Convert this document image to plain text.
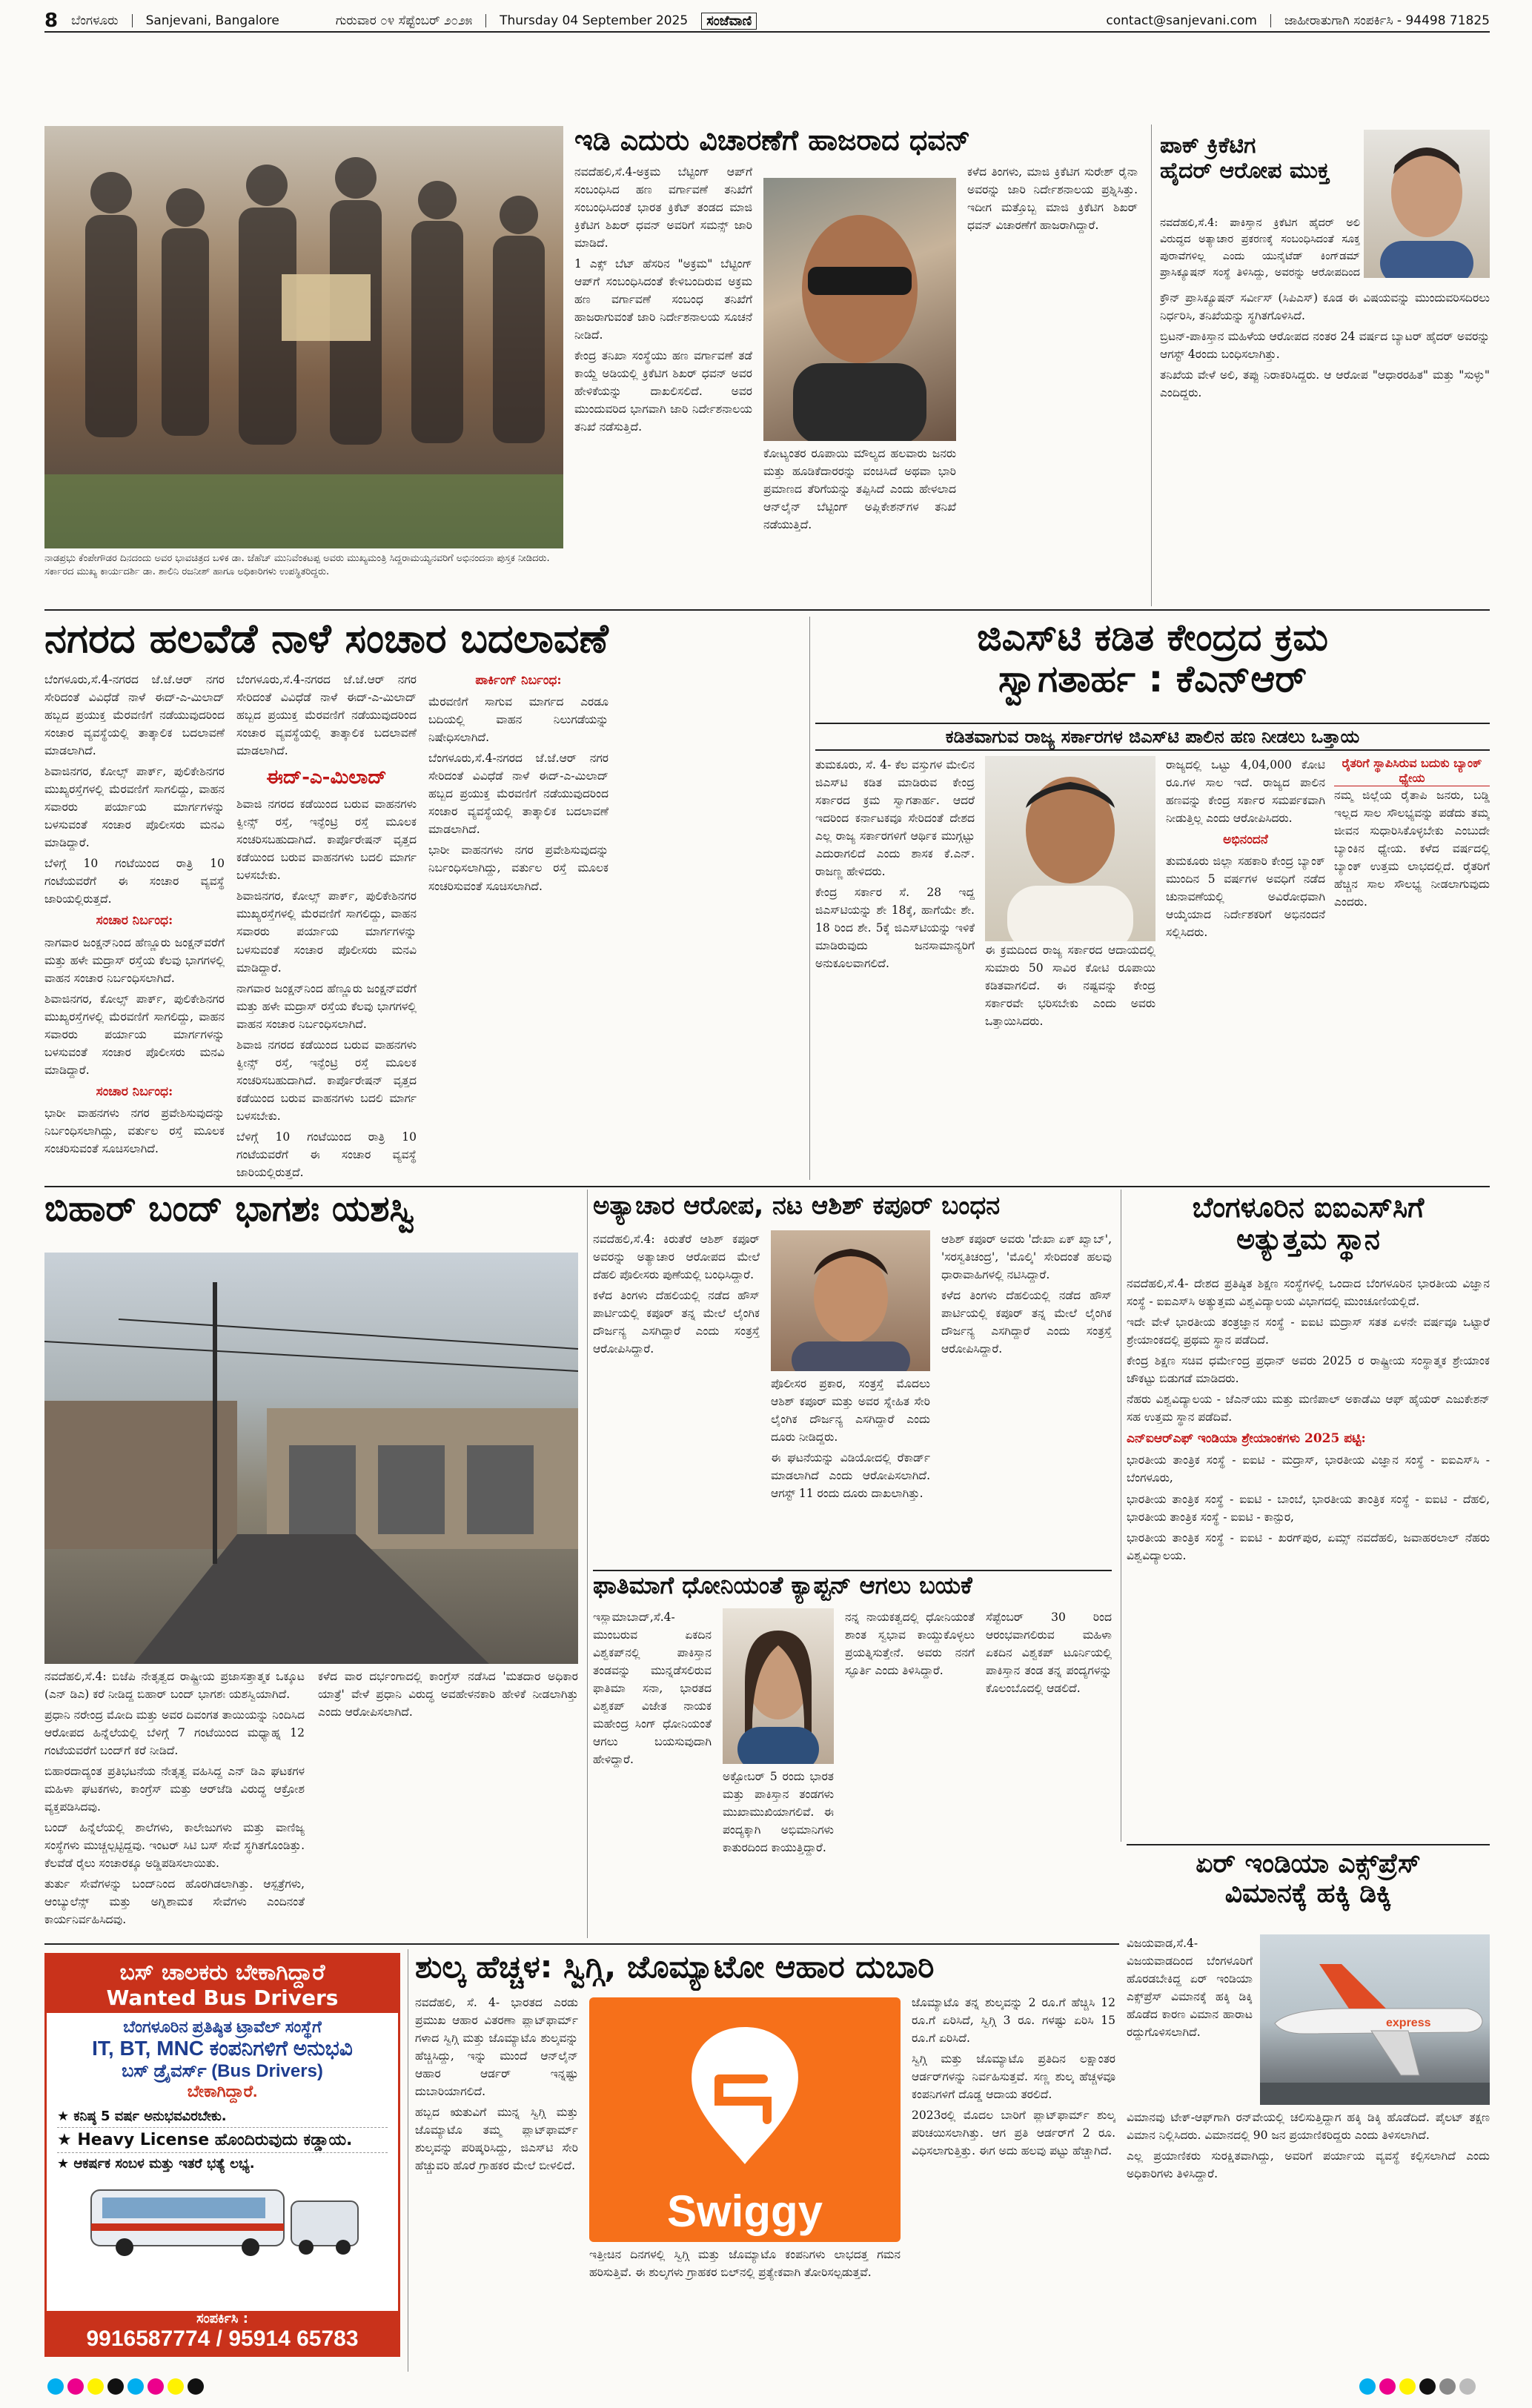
8 ಬೆಂಗಳೂರು Sanjevani, Bangalore	ಗುರುವಾರ ೦೪ ಸೆಪ್ಟೆಂಬರ್ ೨೦೨೫ Thursday 04 September 2025	ಸಂಜೆವಾಣಿ	contact@sanjevani.com ಜಾಹೀರಾತುಗಾಗಿ ಸಂಪರ್ಕಿಸಿ - 94498 71825
ನಾಡಪ್ರಭು ಕೆಂಪೇಗೌಡರ ದಿನದಂದು ಅವರ ಭಾವಚಿತ್ರದ ಬಳಿಕ ಡಾ. ಜೆಹೆಚ್ ಮುನಿವೆಂಕಟಪ್ಪ ಅವರು ಮುಖ್ಯಮಂತ್ರಿ ಸಿದ್ದರಾಮಯ್ಯನವರಿಗೆ ಅಭಿನಂದನಾ ಪುಸ್ತಕ ನೀಡಿದರು. ಸರ್ಕಾರದ ಮುಖ್ಯ ಕಾರ್ಯದರ್ಶಿ ಡಾ. ಶಾಲಿನಿ ರಜನೀಶ್ ಹಾಗೂ ಅಧಿಕಾರಿಗಳು ಉಪಸ್ಥಿತರಿದ್ದರು.
ಇಡಿ ಎದುರು ವಿಚಾರಣೆಗೆ ಹಾಜರಾದ ಧವನ್

ನವದೆಹಲಿ,ಸೆ.4-ಅಕ್ರಮ ಬೆಟ್ಟಿಂಗ್ ಆಪ್‌ಗೆ ಸಂಬಂಧಿಸಿದ ಹಣ ವರ್ಗಾವಣೆ ತನಿಖೆಗೆ ಸಂಬಂಧಿಸಿದಂತೆ ಭಾರತ ಕ್ರಿಕೆಟ್ ತಂಡದ ಮಾಜಿ ಕ್ರಿಕೆಟಿಗ ಶಿಖರ್ ಧವನ್ ಅವರಿಗೆ ಸಮನ್ಸ್ ಜಾರಿ ಮಾಡಿದೆ.

1 ಎಕ್ಸ್ ಬೆಟ್ ಹೆಸರಿನ "ಅಕ್ರಮ" ಬೆಟ್ಟಿಂಗ್ ಆಪ್‌ಗೆ ಸಂಬಂಧಿಸಿದಂತೆ ಕೇಳಿಬಂದಿರುವ ಅಕ್ರಮ ಹಣ ವರ್ಗಾವಣೆ ಸಂಬಂಧ ತನಿಖೆಗೆ ಹಾಜರಾಗುವಂತೆ ಜಾರಿ ನಿರ್ದೇಶನಾಲಯ ಸೂಚನೆ ನೀಡಿದೆ.

ಕೇಂದ್ರ ತನಿಖಾ ಸಂಸ್ಥೆಯು ಹಣ ವರ್ಗಾವಣೆ ತಡೆ ಕಾಯ್ದೆ ಅಡಿಯಲ್ಲಿ ಕ್ರಿಕೆಟಿಗ ಶಿಖರ್ ಧವನ್ ಅವರ ಹೇಳಿಕೆಯನ್ನು ದಾಖಲಿಸಲಿದೆ. ಅವರ ಮುಂದುವರಿದ ಭಾಗವಾಗಿ ಜಾರಿ ನಿರ್ದೇಶನಾಲಯ ತನಿಖೆ ನಡೆಸುತ್ತಿದೆ.

ಕೋಟ್ಯಂತರ ರೂಪಾಯಿ ಮೌಲ್ಯದ ಹಲವಾರು ಜನರು ಮತ್ತು ಹೂಡಿಕೆದಾರರನ್ನು ವಂಚಿಸಿದೆ ಅಥವಾ ಭಾರಿ ಪ್ರಮಾಣದ ತೆರಿಗೆಯನ್ನು ತಪ್ಪಿಸಿದೆ ಎಂದು ಹೇಳಲಾದ ಆನ್‌ಲೈನ್ ಬೆಟ್ಟಿಂಗ್ ಅಪ್ಲಿಕೇಶನ್‌ಗಳ ತನಿಖೆ ನಡೆಯುತ್ತಿದೆ.

ಕಳೆದ ತಿಂಗಳು, ಮಾಜಿ ಕ್ರಿಕೆಟಿಗ ಸುರೇಶ್ ರೈನಾ ಅವರನ್ನು ಜಾರಿ ನಿರ್ದೇಶನಾಲಯ ಪ್ರಶ್ನಿಸಿತ್ತು. ಇದೀಗ ಮತ್ತೊಬ್ಬ ಮಾಜಿ ಕ್ರಿಕೆಟಿಗ ಶಿಖರ್ ಧವನ್ ವಿಚಾರಣೆಗೆ ಹಾಜರಾಗಿದ್ದಾರೆ.

ಪಾಕ್ ಕ್ರಿಕೆಟಿಗ
ಹೈದರ್ ಆರೋಪ ಮುಕ್ತ
ನವದೆಹಲಿ,ಸೆ.4: ಪಾಕಿಸ್ತಾನ ಕ್ರಿಕೆಟಿಗ ಹೈದರ್ ಅಲಿ ವಿರುದ್ಧದ ಅತ್ಯಾಚಾರ ಪ್ರಕರಣಕ್ಕೆ ಸಂಬಂಧಿಸಿದಂತೆ ಸೂಕ್ತ ಪುರಾವೆಗಳಿಲ್ಲ ಎಂದು ಯುನೈಟೆಡ್ ಕಿಂಗ್‌ಡಮ್ ಪ್ರಾಸಿಕ್ಯೂಷನ್ ಸಂಸ್ಥೆ ತಿಳಿಸಿದ್ದು, ಅವರನ್ನು ಆರೋಪದಿಂದ

ಕ್ರೌನ್ ಪ್ರಾಸಿಕ್ಯೂಷನ್ ಸರ್ವೀಸ್ (ಸಿಪಿಎಸ್) ಕೂಡ ಈ ವಿಷಯವನ್ನು ಮುಂದುವರಿಸದಿರಲು ನಿರ್ಧರಿಸಿ, ತನಿಖೆಯನ್ನು ಸ್ಥಗಿತಗೊಳಿಸಿದೆ.

ಬ್ರಿಟನ್-ಪಾಕಿಸ್ತಾನ ಮಹಿಳೆಯ ಆರೋಪದ ನಂತರ 24 ವರ್ಷದ ಬ್ಯಾಟರ್ ಹೈದರ್ ಅವರನ್ನು ಆಗಸ್ಟ್ 4ರಂದು ಬಂಧಿಸಲಾಗಿತ್ತು.

ತನಿಖೆಯ ವೇಳೆ ಅಲಿ, ತಪ್ಪು ನಿರಾಕರಿಸಿದ್ದರು. ಆ ಆರೋಪ "ಆಧಾರರಹಿತ" ಮತ್ತು "ಸುಳ್ಳು" ಎಂದಿದ್ದರು.

ನಗರದ ಹಲವೆಡೆ ನಾಳೆ ಸಂಚಾರ ಬದಲಾವಣೆ

ಬೆಂಗಳೂರು,ಸೆ.4-ನಗರದ ಜೆ.ಜೆ.ಆರ್ ನಗರ ಸೇರಿದಂತೆ ವಿವಿಧೆಡೆ ನಾಳೆ ಈದ್-ಎ-ಮಿಲಾದ್ ಹಬ್ಬದ ಪ್ರಯುಕ್ತ ಮೆರವಣಿಗೆ ನಡೆಯುವುದರಿಂದ ಸಂಚಾರ ವ್ಯವಸ್ಥೆಯಲ್ಲಿ ತಾತ್ಕಾಲಿಕ ಬದಲಾವಣೆ ಮಾಡಲಾಗಿದೆ.

ಶಿವಾಜಿನಗರ, ಕೋಲ್ಸ್ ಪಾರ್ಕ್, ಪುಲಿಕೇಶಿನಗರ ಮುಖ್ಯರಸ್ತೆಗಳಲ್ಲಿ ಮೆರವಣಿಗೆ ಸಾಗಲಿದ್ದು, ವಾಹನ ಸವಾರರು ಪರ್ಯಾಯ ಮಾರ್ಗಗಳನ್ನು ಬಳಸುವಂತೆ ಸಂಚಾರ ಪೊಲೀಸರು ಮನವಿ ಮಾಡಿದ್ದಾರೆ.

ಬೆಳಿಗ್ಗೆ 10 ಗಂಟೆಯಿಂದ ರಾತ್ರಿ 10 ಗಂಟೆಯವರೆಗೆ ಈ ಸಂಚಾರ ವ್ಯವಸ್ಥೆ ಜಾರಿಯಲ್ಲಿರುತ್ತದೆ.

ಸಂಚಾರ ನಿರ್ಬಂಧ:

ನಾಗವಾರ ಜಂಕ್ಷನ್‌ನಿಂದ ಹೆಣ್ಣೂರು ಜಂಕ್ಷನ್‌ವರೆಗೆ ಮತ್ತು ಹಳೇ ಮದ್ರಾಸ್ ರಸ್ತೆಯ ಕೆಲವು ಭಾಗಗಳಲ್ಲಿ ವಾಹನ ಸಂಚಾರ ನಿರ್ಬಂಧಿಸಲಾಗಿದೆ.

ಶಿವಾಜಿನಗರ, ಕೋಲ್ಸ್ ಪಾರ್ಕ್, ಪುಲಿಕೇಶಿನಗರ ಮುಖ್ಯರಸ್ತೆಗಳಲ್ಲಿ ಮೆರವಣಿಗೆ ಸಾಗಲಿದ್ದು, ವಾಹನ ಸವಾರರು ಪರ್ಯಾಯ ಮಾರ್ಗಗಳನ್ನು ಬಳಸುವಂತೆ ಸಂಚಾರ ಪೊಲೀಸರು ಮನವಿ ಮಾಡಿದ್ದಾರೆ.

ಸಂಚಾರ ನಿರ್ಬಂಧ:

ಭಾರೀ ವಾಹನಗಳು ನಗರ ಪ್ರವೇಶಿಸುವುದನ್ನು ನಿರ್ಬಂಧಿಸಲಾಗಿದ್ದು, ವರ್ತುಲ ರಸ್ತೆ ಮೂಲಕ ಸಂಚರಿಸುವಂತೆ ಸೂಚಿಸಲಾಗಿದೆ.

ಬೆಂಗಳೂರು,ಸೆ.4-ನಗರದ ಜೆ.ಜೆ.ಆರ್ ನಗರ ಸೇರಿದಂತೆ ವಿವಿಧೆಡೆ ನಾಳೆ ಈದ್-ಎ-ಮಿಲಾದ್ ಹಬ್ಬದ ಪ್ರಯುಕ್ತ ಮೆರವಣಿಗೆ ನಡೆಯುವುದರಿಂದ ಸಂಚಾರ ವ್ಯವಸ್ಥೆಯಲ್ಲಿ ತಾತ್ಕಾಲಿಕ ಬದಲಾವಣೆ ಮಾಡಲಾಗಿದೆ.

ಈದ್-ಎ-ಮಿಲಾದ್

ಶಿವಾಜಿ ನಗರದ ಕಡೆಯಿಂದ ಬರುವ ವಾಹನಗಳು ಕ್ವೀನ್ಸ್ ರಸ್ತೆ, ಇನ್ಫೆಂಟ್ರಿ ರಸ್ತೆ ಮೂಲಕ ಸಂಚರಿಸಬಹುದಾಗಿದೆ. ಕಾರ್ಪೊರೇಷನ್ ವೃತ್ತದ ಕಡೆಯಿಂದ ಬರುವ ವಾಹನಗಳು ಬದಲಿ ಮಾರ್ಗ ಬಳಸಬೇಕು.

ಶಿವಾಜಿನಗರ, ಕೋಲ್ಸ್ ಪಾರ್ಕ್, ಪುಲಿಕೇಶಿನಗರ ಮುಖ್ಯರಸ್ತೆಗಳಲ್ಲಿ ಮೆರವಣಿಗೆ ಸಾಗಲಿದ್ದು, ವಾಹನ ಸವಾರರು ಪರ್ಯಾಯ ಮಾರ್ಗಗಳನ್ನು ಬಳಸುವಂತೆ ಸಂಚಾರ ಪೊಲೀಸರು ಮನವಿ ಮಾಡಿದ್ದಾರೆ.

ನಾಗವಾರ ಜಂಕ್ಷನ್‌ನಿಂದ ಹೆಣ್ಣೂರು ಜಂಕ್ಷನ್‌ವರೆಗೆ ಮತ್ತು ಹಳೇ ಮದ್ರಾಸ್ ರಸ್ತೆಯ ಕೆಲವು ಭಾಗಗಳಲ್ಲಿ ವಾಹನ ಸಂಚಾರ ನಿರ್ಬಂಧಿಸಲಾಗಿದೆ.

ಶಿವಾಜಿ ನಗರದ ಕಡೆಯಿಂದ ಬರುವ ವಾಹನಗಳು ಕ್ವೀನ್ಸ್ ರಸ್ತೆ, ಇನ್ಫೆಂಟ್ರಿ ರಸ್ತೆ ಮೂಲಕ ಸಂಚರಿಸಬಹುದಾಗಿದೆ. ಕಾರ್ಪೊರೇಷನ್ ವೃತ್ತದ ಕಡೆಯಿಂದ ಬರುವ ವಾಹನಗಳು ಬದಲಿ ಮಾರ್ಗ ಬಳಸಬೇಕು.

ಬೆಳಿಗ್ಗೆ 10 ಗಂಟೆಯಿಂದ ರಾತ್ರಿ 10 ಗಂಟೆಯವರೆಗೆ ಈ ಸಂಚಾರ ವ್ಯವಸ್ಥೆ ಜಾರಿಯಲ್ಲಿರುತ್ತದೆ.

ಪಾರ್ಕಿಂಗ್ ನಿರ್ಬಂಧ:

ಮೆರವಣಿಗೆ ಸಾಗುವ ಮಾರ್ಗದ ಎರಡೂ ಬದಿಯಲ್ಲಿ ವಾಹನ ನಿಲುಗಡೆಯನ್ನು ನಿಷೇಧಿಸಲಾಗಿದೆ.

ಬೆಂಗಳೂರು,ಸೆ.4-ನಗರದ ಜೆ.ಜೆ.ಆರ್ ನಗರ ಸೇರಿದಂತೆ ವಿವಿಧೆಡೆ ನಾಳೆ ಈದ್-ಎ-ಮಿಲಾದ್ ಹಬ್ಬದ ಪ್ರಯುಕ್ತ ಮೆರವಣಿಗೆ ನಡೆಯುವುದರಿಂದ ಸಂಚಾರ ವ್ಯವಸ್ಥೆಯಲ್ಲಿ ತಾತ್ಕಾಲಿಕ ಬದಲಾವಣೆ ಮಾಡಲಾಗಿದೆ.

ಭಾರೀ ವಾಹನಗಳು ನಗರ ಪ್ರವೇಶಿಸುವುದನ್ನು ನಿರ್ಬಂಧಿಸಲಾಗಿದ್ದು, ವರ್ತುಲ ರಸ್ತೆ ಮೂಲಕ ಸಂಚರಿಸುವಂತೆ ಸೂಚಿಸಲಾಗಿದೆ.

ಜಿಎಸ್‌ಟಿ ಕಡಿತ ಕೇಂದ್ರದ ಕ್ರಮ
ಸ್ವಾಗತಾರ್ಹ : ಕೆಎನ್‌ಆರ್
ಕಡಿತವಾಗುವ ರಾಜ್ಯ ಸರ್ಕಾರಗಳ ಜಿಎಸ್‌ಟಿ ಪಾಲಿನ ಹಣ ನೀಡಲು ಒತ್ತಾಯ

ತುಮಕೂರು, ಸೆ. 4- ಕೆಲ ವಸ್ತುಗಳ ಮೇಲಿನ ಜಿಎಸ್‌ಟಿ ಕಡಿತ ಮಾಡಿರುವ ಕೇಂದ್ರ ಸರ್ಕಾರದ ಕ್ರಮ ಸ್ವಾಗತಾರ್ಹ. ಆದರೆ ಇದರಿಂದ ಕರ್ನಾಟಕವೂ ಸೇರಿದಂತೆ ದೇಶದ ಎಲ್ಲ ರಾಜ್ಯ ಸರ್ಕಾರಗಳಿಗೆ ಆರ್ಥಿಕ ಮುಗ್ಗಟ್ಟು ಎದುರಾಗಲಿದೆ ಎಂದು ಶಾಸಕ ಕೆ.ಎನ್. ರಾಜಣ್ಣ ಹೇಳಿದರು.

ಕೇಂದ್ರ ಸರ್ಕಾರ ಸೆ. 28 ಇದ್ದ ಜಿಎಸ್‌ಟಿಯನ್ನು ಶೇ 18ಕ್ಕೆ, ಹಾಗೆಯೇ ಶೇ. 18 ರಿಂದ ಶೇ. 5ಕ್ಕೆ ಜಿಎಸ್‌ಟಿಯನ್ನು ಇಳಿಕೆ ಮಾಡಿರುವುದು ಜನಸಾಮಾನ್ಯರಿಗೆ ಅನುಕೂಲವಾಗಲಿದೆ.

ಈ ಕ್ರಮದಿಂದ ರಾಜ್ಯ ಸರ್ಕಾರದ ಆದಾಯದಲ್ಲಿ ಸುಮಾರು 50 ಸಾವಿರ ಕೋಟಿ ರೂಪಾಯಿ ಕಡಿತವಾಗಲಿದೆ. ಈ ನಷ್ಟವನ್ನು ಕೇಂದ್ರ ಸರ್ಕಾರವೇ ಭರಿಸಬೇಕು ಎಂದು ಅವರು ಒತ್ತಾಯಿಸಿದರು.

ರಾಜ್ಯದಲ್ಲಿ ಒಟ್ಟು 4,04,000 ಕೋಟಿ ರೂ.ಗಳ ಸಾಲ ಇದೆ. ರಾಜ್ಯದ ಪಾಲಿನ ಹಣವನ್ನು ಕೇಂದ್ರ ಸರ್ಕಾರ ಸಮರ್ಪಕವಾಗಿ ನೀಡುತ್ತಿಲ್ಲ ಎಂದು ಆರೋಪಿಸಿದರು.

ಅಭಿನಂದನೆ

ತುಮಕೂರು ಜಿಲ್ಲಾ ಸಹಕಾರಿ ಕೇಂದ್ರ ಬ್ಯಾಂಕ್ ಮುಂದಿನ 5 ವರ್ಷಗಳ ಅವಧಿಗೆ ನಡೆದ ಚುನಾವಣೆಯಲ್ಲಿ ಅವಿರೋಧವಾಗಿ ಆಯ್ಕೆಯಾದ ನಿರ್ದೇಶಕರಿಗೆ ಅಭಿನಂದನೆ ಸಲ್ಲಿಸಿದರು.

ರೈತರಿಗೆ ಸ್ಥಾಪಿಸಿರುವ ಬದುಕು ಬ್ಯಾಂಕ್ ಧ್ಯೇಯ
ನಮ್ಮ ಜಿಲ್ಲೆಯ ರೈತಾಪಿ ಜನರು, ಬಡ್ಡಿ ಇಲ್ಲದ ಸಾಲ ಸೌಲಭ್ಯವನ್ನು ಪಡೆದು ತಮ್ಮ ಜೀವನ ಸುಧಾರಿಸಿಕೊಳ್ಳಬೇಕು ಎಂಬುದೇ ಬ್ಯಾಂಕಿನ ಧ್ಯೇಯ. ಕಳೆದ ವರ್ಷದಲ್ಲಿ ಬ್ಯಾಂಕ್ ಉತ್ತಮ ಲಾಭದಲ್ಲಿದೆ. ರೈತರಿಗೆ ಹೆಚ್ಚಿನ ಸಾಲ ಸೌಲಭ್ಯ ನೀಡಲಾಗುವುದು ಎಂದರು.
ಬಿಹಾರ್ ಬಂದ್ ಭಾಗಶಃ ಯಶಸ್ವಿ

ನವದೆಹಲಿ,ಸೆ.4: ಬಿಜೆಪಿ ನೇತೃತ್ವದ ರಾಷ್ಟ್ರೀಯ ಪ್ರಜಾಸತ್ತಾತ್ಮಕ ಒಕ್ಕೂಟ (ಎನ್ ಡಿಎ) ಕರೆ ನೀಡಿದ್ದ ಬಿಹಾರ್ ಬಂದ್ ಭಾಗಶಃ ಯಶಸ್ವಿಯಾಗಿದೆ.

ಪ್ರಧಾನಿ ನರೇಂದ್ರ ಮೋದಿ ಮತ್ತು ಅವರ ದಿವಂಗತ ತಾಯಿಯನ್ನು ನಿಂದಿಸಿದ ಆರೋಪದ ಹಿನ್ನೆಲೆಯಲ್ಲಿ ಬೆಳಿಗ್ಗೆ 7 ಗಂಟೆಯಿಂದ ಮಧ್ಯಾಹ್ನ 12 ಗಂಟೆಯವರೆಗೆ ಬಂದ್‌ಗೆ ಕರೆ ನೀಡಿದೆ.

ಬಿಹಾರದಾದ್ಯಂತ ಪ್ರತಿಭಟನೆಯ ನೇತೃತ್ವ ವಹಿಸಿದ್ದ ಎನ್ ಡಿಎ ಘಟಕಗಳ ಮಹಿಳಾ ಘಟಕಗಳು, ಕಾಂಗ್ರೆಸ್ ಮತ್ತು ಆರ್‌ಜೆಡಿ ವಿರುದ್ಧ ಆಕ್ರೋಶ ವ್ಯಕ್ತಪಡಿಸಿದವು.

ಬಂದ್ ಹಿನ್ನೆಲೆಯಲ್ಲಿ ಶಾಲೆಗಳು, ಕಾಲೇಜುಗಳು ಮತ್ತು ವಾಣಿಜ್ಯ ಸಂಸ್ಥೆಗಳು ಮುಚ್ಚಲ್ಪಟ್ಟಿದ್ದವು. ಇಂಟರ್ ಸಿಟಿ ಬಸ್ ಸೇವೆ ಸ್ಥಗಿತಗೊಂಡಿತ್ತು. ಕೆಲವೆಡೆ ರೈಲು ಸಂಚಾರಕ್ಕೂ ಅಡ್ಡಿಪಡಿಸಲಾಯಿತು.

ತುರ್ತು ಸೇವೆಗಳನ್ನು ಬಂದ್‌ನಿಂದ ಹೊರಗಿಡಲಾಗಿತ್ತು. ಆಸ್ಪತ್ರೆಗಳು, ಆಂಬ್ಯುಲೆನ್ಸ್ ಮತ್ತು ಅಗ್ನಿಶಾಮಕ ಸೇವೆಗಳು ಎಂದಿನಂತೆ ಕಾರ್ಯನಿರ್ವಹಿಸಿದವು.

ಕಳೆದ ವಾರ ದರ್ಭಂಗಾದಲ್ಲಿ ಕಾಂಗ್ರೆಸ್ ನಡೆಸಿದ 'ಮತದಾರ ಅಧಿಕಾರ ಯಾತ್ರೆ' ವೇಳೆ ಪ್ರಧಾನಿ ವಿರುದ್ಧ ಅವಹೇಳನಕಾರಿ ಹೇಳಿಕೆ ನೀಡಲಾಗಿತ್ತು ಎಂದು ಆರೋಪಿಸಲಾಗಿದೆ.

ಅತ್ಯಾಚಾರ ಆರೋಪ, ನಟ ಆಶಿಶ್ ಕಪೂರ್ ಬಂಧನ

ನವದೆಹಲಿ,ಸೆ.4: ಕಿರುತೆರೆ ಆಶಿಶ್ ಕಪೂರ್ ಅವರನ್ನು ಅತ್ಯಾಚಾರ ಆರೋಪದ ಮೇಲೆ ದೆಹಲಿ ಪೊಲೀಸರು ಪುಣೆಯಲ್ಲಿ ಬಂಧಿಸಿದ್ದಾರೆ.

ಕಳೆದ ತಿಂಗಳು ದೆಹಲಿಯಲ್ಲಿ ನಡೆದ ಹೌಸ್ ಪಾರ್ಟಿಯಲ್ಲಿ ಕಪೂರ್ ತನ್ನ ಮೇಲೆ ಲೈಂಗಿಕ ದೌರ್ಜನ್ಯ ಎಸಗಿದ್ದಾರೆ ಎಂದು ಸಂತ್ರಸ್ತೆ ಆರೋಪಿಸಿದ್ದಾರೆ.

ಪೊಲೀಸರ ಪ್ರಕಾರ, ಸಂತ್ರಸ್ತೆ ಮೊದಲು ಆಶಿಶ್ ಕಪೂರ್ ಮತ್ತು ಅವರ ಸ್ನೇಹಿತ ಸೇರಿ ಲೈಂಗಿಕ ದೌರ್ಜನ್ಯ ಎಸಗಿದ್ದಾರೆ ಎಂದು ದೂರು ನೀಡಿದ್ದರು.

ಈ ಘಟನೆಯನ್ನು ವಿಡಿಯೋದಲ್ಲಿ ರೆಕಾರ್ಡ್ ಮಾಡಲಾಗಿದೆ ಎಂದು ಆರೋಪಿಸಲಾಗಿದೆ. ಆಗಸ್ಟ್ 11 ರಂದು ದೂರು ದಾಖಲಾಗಿತ್ತು.

ಆಶಿಶ್ ಕಪೂರ್ ಅವರು 'ದೇಖಾ ಏಕ್ ಖ್ವಾಬ್', 'ಸರಸ್ವತಿಚಂದ್ರ', 'ಮೊಲ್ಕಿ' ಸೇರಿದಂತೆ ಹಲವು ಧಾರಾವಾಹಿಗಳಲ್ಲಿ ನಟಿಸಿದ್ದಾರೆ.

ಕಳೆದ ತಿಂಗಳು ದೆಹಲಿಯಲ್ಲಿ ನಡೆದ ಹೌಸ್ ಪಾರ್ಟಿಯಲ್ಲಿ ಕಪೂರ್ ತನ್ನ ಮೇಲೆ ಲೈಂಗಿಕ ದೌರ್ಜನ್ಯ ಎಸಗಿದ್ದಾರೆ ಎಂದು ಸಂತ್ರಸ್ತೆ ಆರೋಪಿಸಿದ್ದಾರೆ.

ಫಾತಿಮಾಗೆ ಧೋನಿಯಂತೆ ಕ್ಯಾಪ್ಟನ್ ಆಗಲು ಬಯಕೆ

ಇಸ್ಲಾಮಾಬಾದ್,ಸೆ.4- ಮುಂಬರುವ ಏಕದಿನ ವಿಶ್ವಕಪ್‌ನಲ್ಲಿ ಪಾಕಿಸ್ತಾನ ತಂಡವನ್ನು ಮುನ್ನಡೆಸಲಿರುವ ಫಾತಿಮಾ ಸನಾ, ಭಾರತದ ವಿಶ್ವಕಪ್ ವಿಜೇತ ನಾಯಕ ಮಹೇಂದ್ರ ಸಿಂಗ್ ಧೋನಿಯಂತೆ ಆಗಲು ಬಯಸುವುದಾಗಿ ಹೇಳಿದ್ದಾರೆ.

ಅಕ್ಟೋಬರ್ 5 ರಂದು ಭಾರತ ಮತ್ತು ಪಾಕಿಸ್ತಾನ ತಂಡಗಳು ಮುಖಾಮುಖಿಯಾಗಲಿವೆ. ಈ ಪಂದ್ಯಕ್ಕಾಗಿ ಅಭಿಮಾನಿಗಳು ಕಾತುರದಿಂದ ಕಾಯುತ್ತಿದ್ದಾರೆ.

ನನ್ನ ನಾಯಕತ್ವದಲ್ಲಿ ಧೋನಿಯಂತೆ ಶಾಂತ ಸ್ವಭಾವ ಕಾಯ್ದುಕೊಳ್ಳಲು ಪ್ರಯತ್ನಿಸುತ್ತೇನೆ. ಅವರು ನನಗೆ ಸ್ಫೂರ್ತಿ ಎಂದು ತಿಳಿಸಿದ್ದಾರೆ.

ಸೆಪ್ಟೆಂಬರ್ 30 ರಿಂದ ಆರಂಭವಾಗಲಿರುವ ಮಹಿಳಾ ಏಕದಿನ ವಿಶ್ವಕಪ್ ಟೂರ್ನಿಯಲ್ಲಿ ಪಾಕಿಸ್ತಾನ ತಂಡ ತನ್ನ ಪಂದ್ಯಗಳನ್ನು ಕೊಲಂಬೊದಲ್ಲಿ ಆಡಲಿದೆ.

ಬೆಂಗಳೂರಿನ ಐಐಎಸ್‌ಸಿಗೆ
ಅತ್ಯುತ್ತಮ ಸ್ಥಾನ

ನವದೆಹಲಿ,ಸೆ.4- ದೇಶದ ಪ್ರತಿಷ್ಠಿತ ಶಿಕ್ಷಣ ಸಂಸ್ಥೆಗಳಲ್ಲಿ ಒಂದಾದ ಬೆಂಗಳೂರಿನ ಭಾರತೀಯ ವಿಜ್ಞಾನ ಸಂಸ್ಥೆ - ಐಐಎಸ್‌ಸಿ ಅತ್ಯುತ್ತಮ ವಿಶ್ವವಿದ್ಯಾಲಯ ವಿಭಾಗದಲ್ಲಿ ಮುಂಚೂಣಿಯಲ್ಲಿದೆ.

ಇದೇ ವೇಳೆ ಭಾರತೀಯ ತಂತ್ರಜ್ಞಾನ ಸಂಸ್ಥೆ - ಐಐಟಿ ಮದ್ರಾಸ್ ಸತತ ಏಳನೇ ವರ್ಷವೂ ಒಟ್ಟಾರೆ ಶ್ರೇಯಾಂಕದಲ್ಲಿ ಪ್ರಥಮ ಸ್ಥಾನ ಪಡೆದಿದೆ.

ಕೇಂದ್ರ ಶಿಕ್ಷಣ ಸಚಿವ ಧರ್ಮೇಂದ್ರ ಪ್ರಧಾನ್ ಅವರು 2025 ರ ರಾಷ್ಟ್ರೀಯ ಸಂಸ್ಥಾತ್ಮಕ ಶ್ರೇಯಾಂಕ ಚೌಕಟ್ಟು ಬಿಡುಗಡೆ ಮಾಡಿದರು.

ನೆಹರು ವಿಶ್ವವಿದ್ಯಾಲಯ - ಜೆಎನ್‌ಯು ಮತ್ತು ಮಣಿಪಾಲ್ ಅಕಾಡೆಮಿ ಆಫ್ ಹೈಯರ್ ಎಜುಕೇಶನ್ ಸಹ ಉತ್ತಮ ಸ್ಥಾನ ಪಡೆದಿವೆ.

ಎನ್‌ಐಆರ್‌ಎಫ್ ಇಂಡಿಯಾ ಶ್ರೇಯಾಂಕಗಳು 2025 ಪಟ್ಟಿ:

ಭಾರತೀಯ ತಾಂತ್ರಿಕ ಸಂಸ್ಥೆ - ಐಐಟಿ - ಮದ್ರಾಸ್, ಭಾರತೀಯ ವಿಜ್ಞಾನ ಸಂಸ್ಥೆ - ಐಐಎಸ್‌ಸಿ - ಬೆಂಗಳೂರು,

ಭಾರತೀಯ ತಾಂತ್ರಿಕ ಸಂಸ್ಥೆ - ಐಐಟಿ - ಬಾಂಬೆ, ಭಾರತೀಯ ತಾಂತ್ರಿಕ ಸಂಸ್ಥೆ - ಐಐಟಿ - ದೆಹಲಿ, ಭಾರತೀಯ ತಾಂತ್ರಿಕ ಸಂಸ್ಥೆ - ಐಐಟಿ - ಕಾನ್ಪುರ,

ಭಾರತೀಯ ತಾಂತ್ರಿಕ ಸಂಸ್ಥೆ - ಐಐಟಿ - ಖರಗ್‌ಪುರ, ಏಮ್ಸ್ ನವದೆಹಲಿ, ಜವಾಹರಲಾಲ್ ನೆಹರು ವಿಶ್ವವಿದ್ಯಾಲಯ.

ಬಸ್ ಚಾಲಕರು ಬೇಕಾಗಿದ್ದಾರೆ
Wanted Bus Drivers
ಬೆಂಗಳೂರಿನ ಪ್ರತಿಷ್ಠಿತ ಟ್ರಾವೆಲ್ ಸಂಸ್ಥೆಗೆ
IT, BT, MNC ಕಂಪನಿಗಳಿಗೆ ಅನುಭವಿ
ಬಸ್ ಡ್ರೈವರ್ಸ್ (Bus Drivers)
ಬೇಕಾಗಿದ್ದಾರೆ.
★ ಕನಿಷ್ಠ 5 ವರ್ಷ ಅನುಭವವಿರಬೇಕು.
★ Heavy License ಹೊಂದಿರುವುದು ಕಡ್ಡಾಯ.
★ ಆಕರ್ಷಕ ಸಂಬಳ ಮತ್ತು ಇತರೆ ಭತ್ಯೆ ಲಭ್ಯ.
ಸಂಪರ್ಕಿಸಿ :
9916587774 / 95914 65783
ಶುಲ್ಕ ಹೆಚ್ಚಳ: ಸ್ವಿಗ್ಗಿ, ಜೊಮ್ಯಾಟೋ ಆಹಾರ ದುಬಾರಿ

ನವದೆಹಲಿ, ಸೆ. 4- ಭಾರತದ ಎರಡು ಪ್ರಮುಖ ಆಹಾರ ವಿತರಣಾ ಪ್ಲಾಟ್‌ಫಾರ್ಮ್ ಗಳಾದ ಸ್ವಿಗ್ಗಿ ಮತ್ತು ಜೊಮ್ಯಾಟೊ ಶುಲ್ಕವನ್ನು ಹೆಚ್ಚಿಸಿದ್ದು, ಇನ್ನು ಮುಂದೆ ಆನ್‌ಲೈನ್ ಆಹಾರ ಆರ್ಡರ್ ಇನ್ನಷ್ಟು ದುಬಾರಿಯಾಗಲಿದೆ.

ಹಬ್ಬದ ಋತುವಿಗೆ ಮುನ್ನ ಸ್ವಿಗ್ಗಿ ಮತ್ತು ಜೊಮ್ಯಾಟೊ ತಮ್ಮ ಪ್ಲಾಟ್‌ಫಾರ್ಮ್ ಶುಲ್ಕವನ್ನು ಪರಿಷ್ಕರಿಸಿದ್ದು, ಜಿಎಸ್‌ಟಿ ಸೇರಿ ಹೆಚ್ಚುವರಿ ಹೊರೆ ಗ್ರಾಹಕರ ಮೇಲೆ ಬೀಳಲಿದೆ.

Swiggy

ಇತ್ತೀಚಿನ ದಿನಗಳಲ್ಲಿ ಸ್ವಿಗ್ಗಿ ಮತ್ತು ಜೊಮ್ಯಾಟೊ ಕಂಪನಿಗಳು ಲಾಭದತ್ತ ಗಮನ ಹರಿಸುತ್ತಿವೆ. ಈ ಶುಲ್ಕಗಳು ಗ್ರಾಹಕರ ಬಿಲ್‌ನಲ್ಲಿ ಪ್ರತ್ಯೇಕವಾಗಿ ತೋರಿಸಲ್ಪಡುತ್ತವೆ.

ಜೊಮ್ಯಾಟೊ ತನ್ನ ಶುಲ್ಕವನ್ನು 2 ರೂ.ಗೆ ಹೆಚ್ಚಿಸಿ 12 ರೂ.ಗೆ ಏರಿಸಿದೆ, ಸ್ವಿಗ್ಗಿ 3 ರೂ. ಗಳಷ್ಟು ಏರಿಸಿ 15 ರೂ.ಗೆ ಏರಿಸಿದೆ.

ಸ್ವಿಗ್ಗಿ ಮತ್ತು ಜೊಮ್ಯಾಟೊ ಪ್ರತಿದಿನ ಲಕ್ಷಾಂತರ ಆರ್ಡರ್‌ಗಳನ್ನು ನಿರ್ವಹಿಸುತ್ತವೆ. ಸಣ್ಣ ಶುಲ್ಕ ಹೆಚ್ಚಳವೂ ಕಂಪನಿಗಳಿಗೆ ದೊಡ್ಡ ಆದಾಯ ತರಲಿದೆ.

2023ರಲ್ಲಿ ಮೊದಲ ಬಾರಿಗೆ ಪ್ಲಾಟ್‌ಫಾರ್ಮ್ ಶುಲ್ಕ ಪರಿಚಯಿಸಲಾಗಿತ್ತು. ಆಗ ಪ್ರತಿ ಆರ್ಡರ್‌ಗೆ 2 ರೂ. ವಿಧಿಸಲಾಗುತ್ತಿತ್ತು. ಈಗ ಅದು ಹಲವು ಪಟ್ಟು ಹೆಚ್ಚಾಗಿದೆ.

ಏರ್ ಇಂಡಿಯಾ ಎಕ್ಸ್‌ಪ್ರೆಸ್
ವಿಮಾನಕ್ಕೆ ಹಕ್ಕಿ ಡಿಕ್ಕಿ
ವಿಜಯವಾಡ,ಸೆ.4- ವಿಜಯವಾಡದಿಂದ ಬೆಂಗಳೂರಿಗೆ ಹೊರಡಬೇಕಿದ್ದ ಏರ್ ಇಂಡಿಯಾ ಎಕ್ಸ್‌ಪ್ರೆಸ್ ವಿಮಾನಕ್ಕೆ ಹಕ್ಕಿ ಡಿಕ್ಕಿ ಹೊಡೆದ ಕಾರಣ ವಿಮಾನ ಹಾರಾಟ ರದ್ದುಗೊಳಿಸಲಾಗಿದೆ.
express

ವಿಮಾನವು ಟೇಕ್-ಆಫ್‌ಗಾಗಿ ರನ್‌ವೇಯಲ್ಲಿ ಚಲಿಸುತ್ತಿದ್ದಾಗ ಹಕ್ಕಿ ಡಿಕ್ಕಿ ಹೊಡೆದಿದೆ. ಪೈಲಟ್ ತಕ್ಷಣ ವಿಮಾನ ನಿಲ್ಲಿಸಿದರು. ವಿಮಾನದಲ್ಲಿ 90 ಜನ ಪ್ರಯಾಣಿಕರಿದ್ದರು ಎಂದು ತಿಳಿಸಲಾಗಿದೆ.

ಎಲ್ಲ ಪ್ರಯಾಣಿಕರು ಸುರಕ್ಷಿತವಾಗಿದ್ದು, ಅವರಿಗೆ ಪರ್ಯಾಯ ವ್ಯವಸ್ಥೆ ಕಲ್ಪಿಸಲಾಗಿದೆ ಎಂದು ಅಧಿಕಾರಿಗಳು ತಿಳಿಸಿದ್ದಾರೆ.
